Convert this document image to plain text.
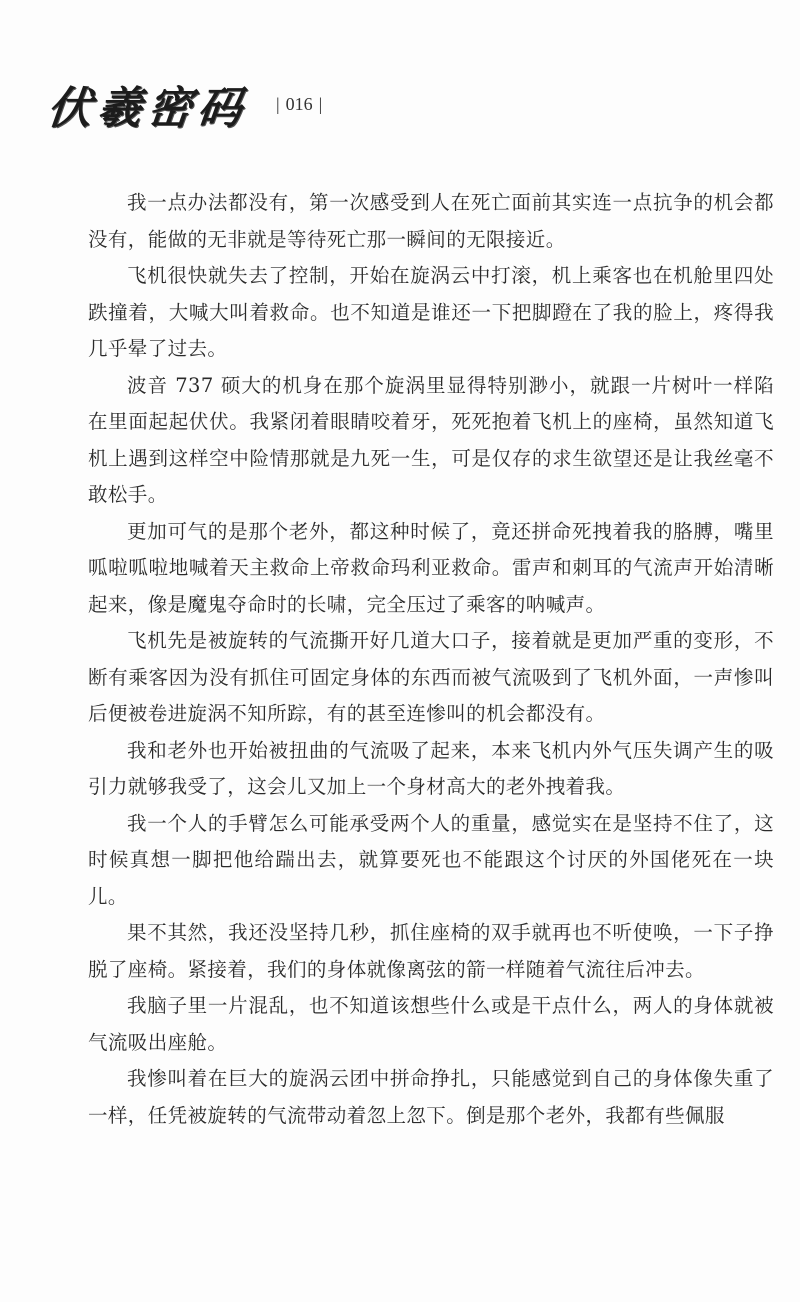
伏羲密码	| 016 |

我一点办法都没有，第一次感受到人在死亡面前其实连一点抗争的机会都没有，能做的无非就是等待死亡那一瞬间的无限接近。

飞机很快就失去了控制，开始在旋涡云中打滚，机上乘客也在机舱里四处跌撞着，大喊大叫着救命。也不知道是谁还一下把脚蹬在了我的脸上，疼得我几乎晕了过去。

波音 737 硕大的机身在那个旋涡里显得特别渺小，就跟一片树叶一样陷在里面起起伏伏。我紧闭着眼睛咬着牙，死死抱着飞机上的座椅，虽然知道飞机上遇到这样空中险情那就是九死一生，可是仅存的求生欲望还是让我丝毫不敢松手。

更加可气的是那个老外，都这种时候了，竟还拼命死拽着我的胳膊，嘴里呱啦呱啦地喊着天主救命上帝救命玛利亚救命。雷声和刺耳的气流声开始清晰起来，像是魔鬼夺命时的长啸，完全压过了乘客的呐喊声。

飞机先是被旋转的气流撕开好几道大口子，接着就是更加严重的变形，不断有乘客因为没有抓住可固定身体的东西而被气流吸到了飞机外面，一声惨叫后便被卷进旋涡不知所踪，有的甚至连惨叫的机会都没有。

我和老外也开始被扭曲的气流吸了起来，本来飞机内外气压失调产生的吸引力就够我受了，这会儿又加上一个身材高大的老外拽着我。

我一个人的手臂怎么可能承受两个人的重量，感觉实在是坚持不住了，这时候真想一脚把他给踹出去，就算要死也不能跟这个讨厌的外国佬死在一块儿。

果不其然，我还没坚持几秒，抓住座椅的双手就再也不听使唤，一下子挣脱了座椅。紧接着，我们的身体就像离弦的箭一样随着气流往后冲去。

我脑子里一片混乱，也不知道该想些什么或是干点什么，两人的身体就被气流吸出座舱。

我惨叫着在巨大的旋涡云团中拼命挣扎，只能感觉到自己的身体像失重了一样，任凭被旋转的气流带动着忽上忽下。倒是那个老外，我都有些佩服
